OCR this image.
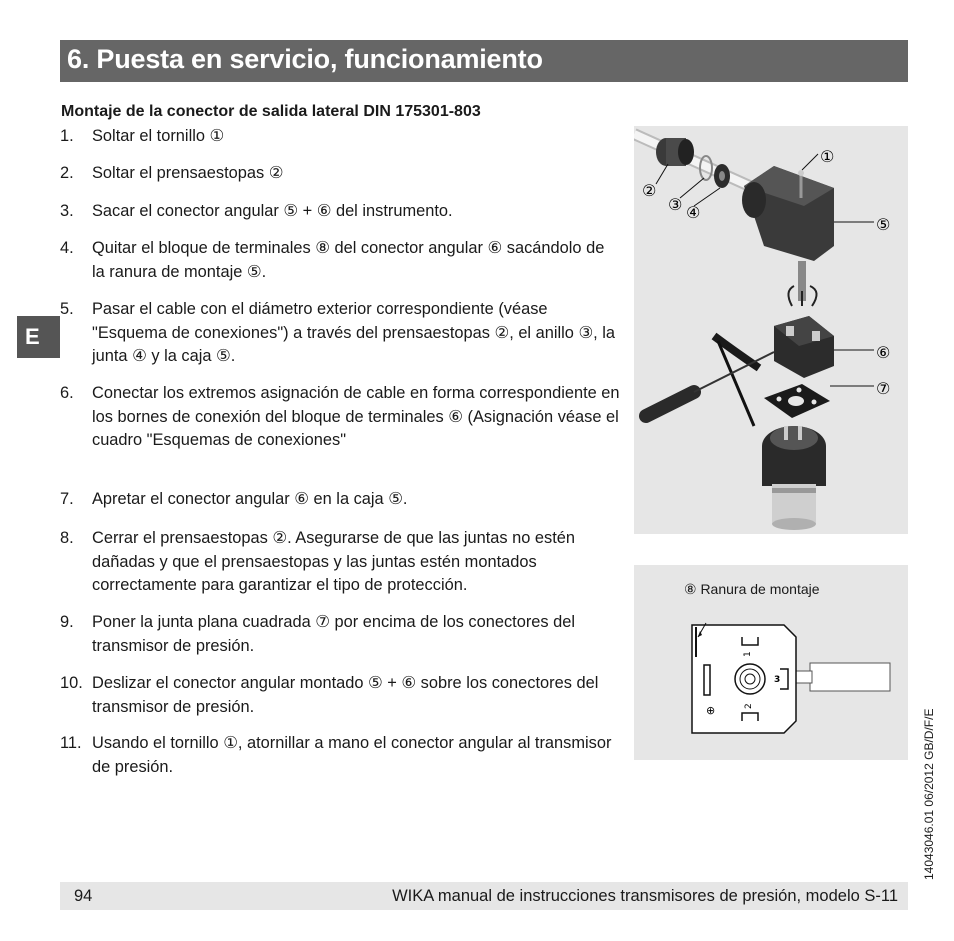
6. Puesta en servicio, funcionamiento
Montaje de la conector de salida lateral DIN 175301-803
E
1. Soltar el tornillo ①
2. Soltar el prensaestopas ②
3. Sacar el conector angular ⑤ + ⑥ del instrumento.
4. Quitar el bloque de terminales ⑧ del conector angular ⑥ sacándolo de la ranura de montaje ⑤.
5. Pasar el cable con el diámetro exterior correspondiente (véase "Esquema de conexiones") a través del prensaestopas ②, el anillo ③, la junta ④ y la caja ⑤.
6. Conectar los extremos asignación de cable en forma correspondiente en los bornes de conexión del bloque de terminales ⑥ (Asignación véase el cuadro "Esquemas de conexiones"
7. Apretar el conector angular ⑥ en la caja ⑤.
8. Cerrar el prensaestopas ②. Asegurarse de que las juntas no estén dañadas y que el prensaestopas y las juntas estén montados correctamente para garantizar el tipo de protección.
9. Poner la junta plana cuadrada ⑦ por encima de los conectores del transmisor de presión.
10. Deslizar el conector angular montado ⑤ + ⑥ sobre los conectores del transmisor de presión.
11. Usando el tornillo ①, atornillar a mano el conector angular al transmisor de presión.
①
②
③ ④
⑤
⑥
⑦
⑧ Ranura de montaje
1
3
⊕	2
14043046.01 06/2012 GB/D/F/E
94	WIKA manual de instrucciones transmisores de presión, modelo S-11
